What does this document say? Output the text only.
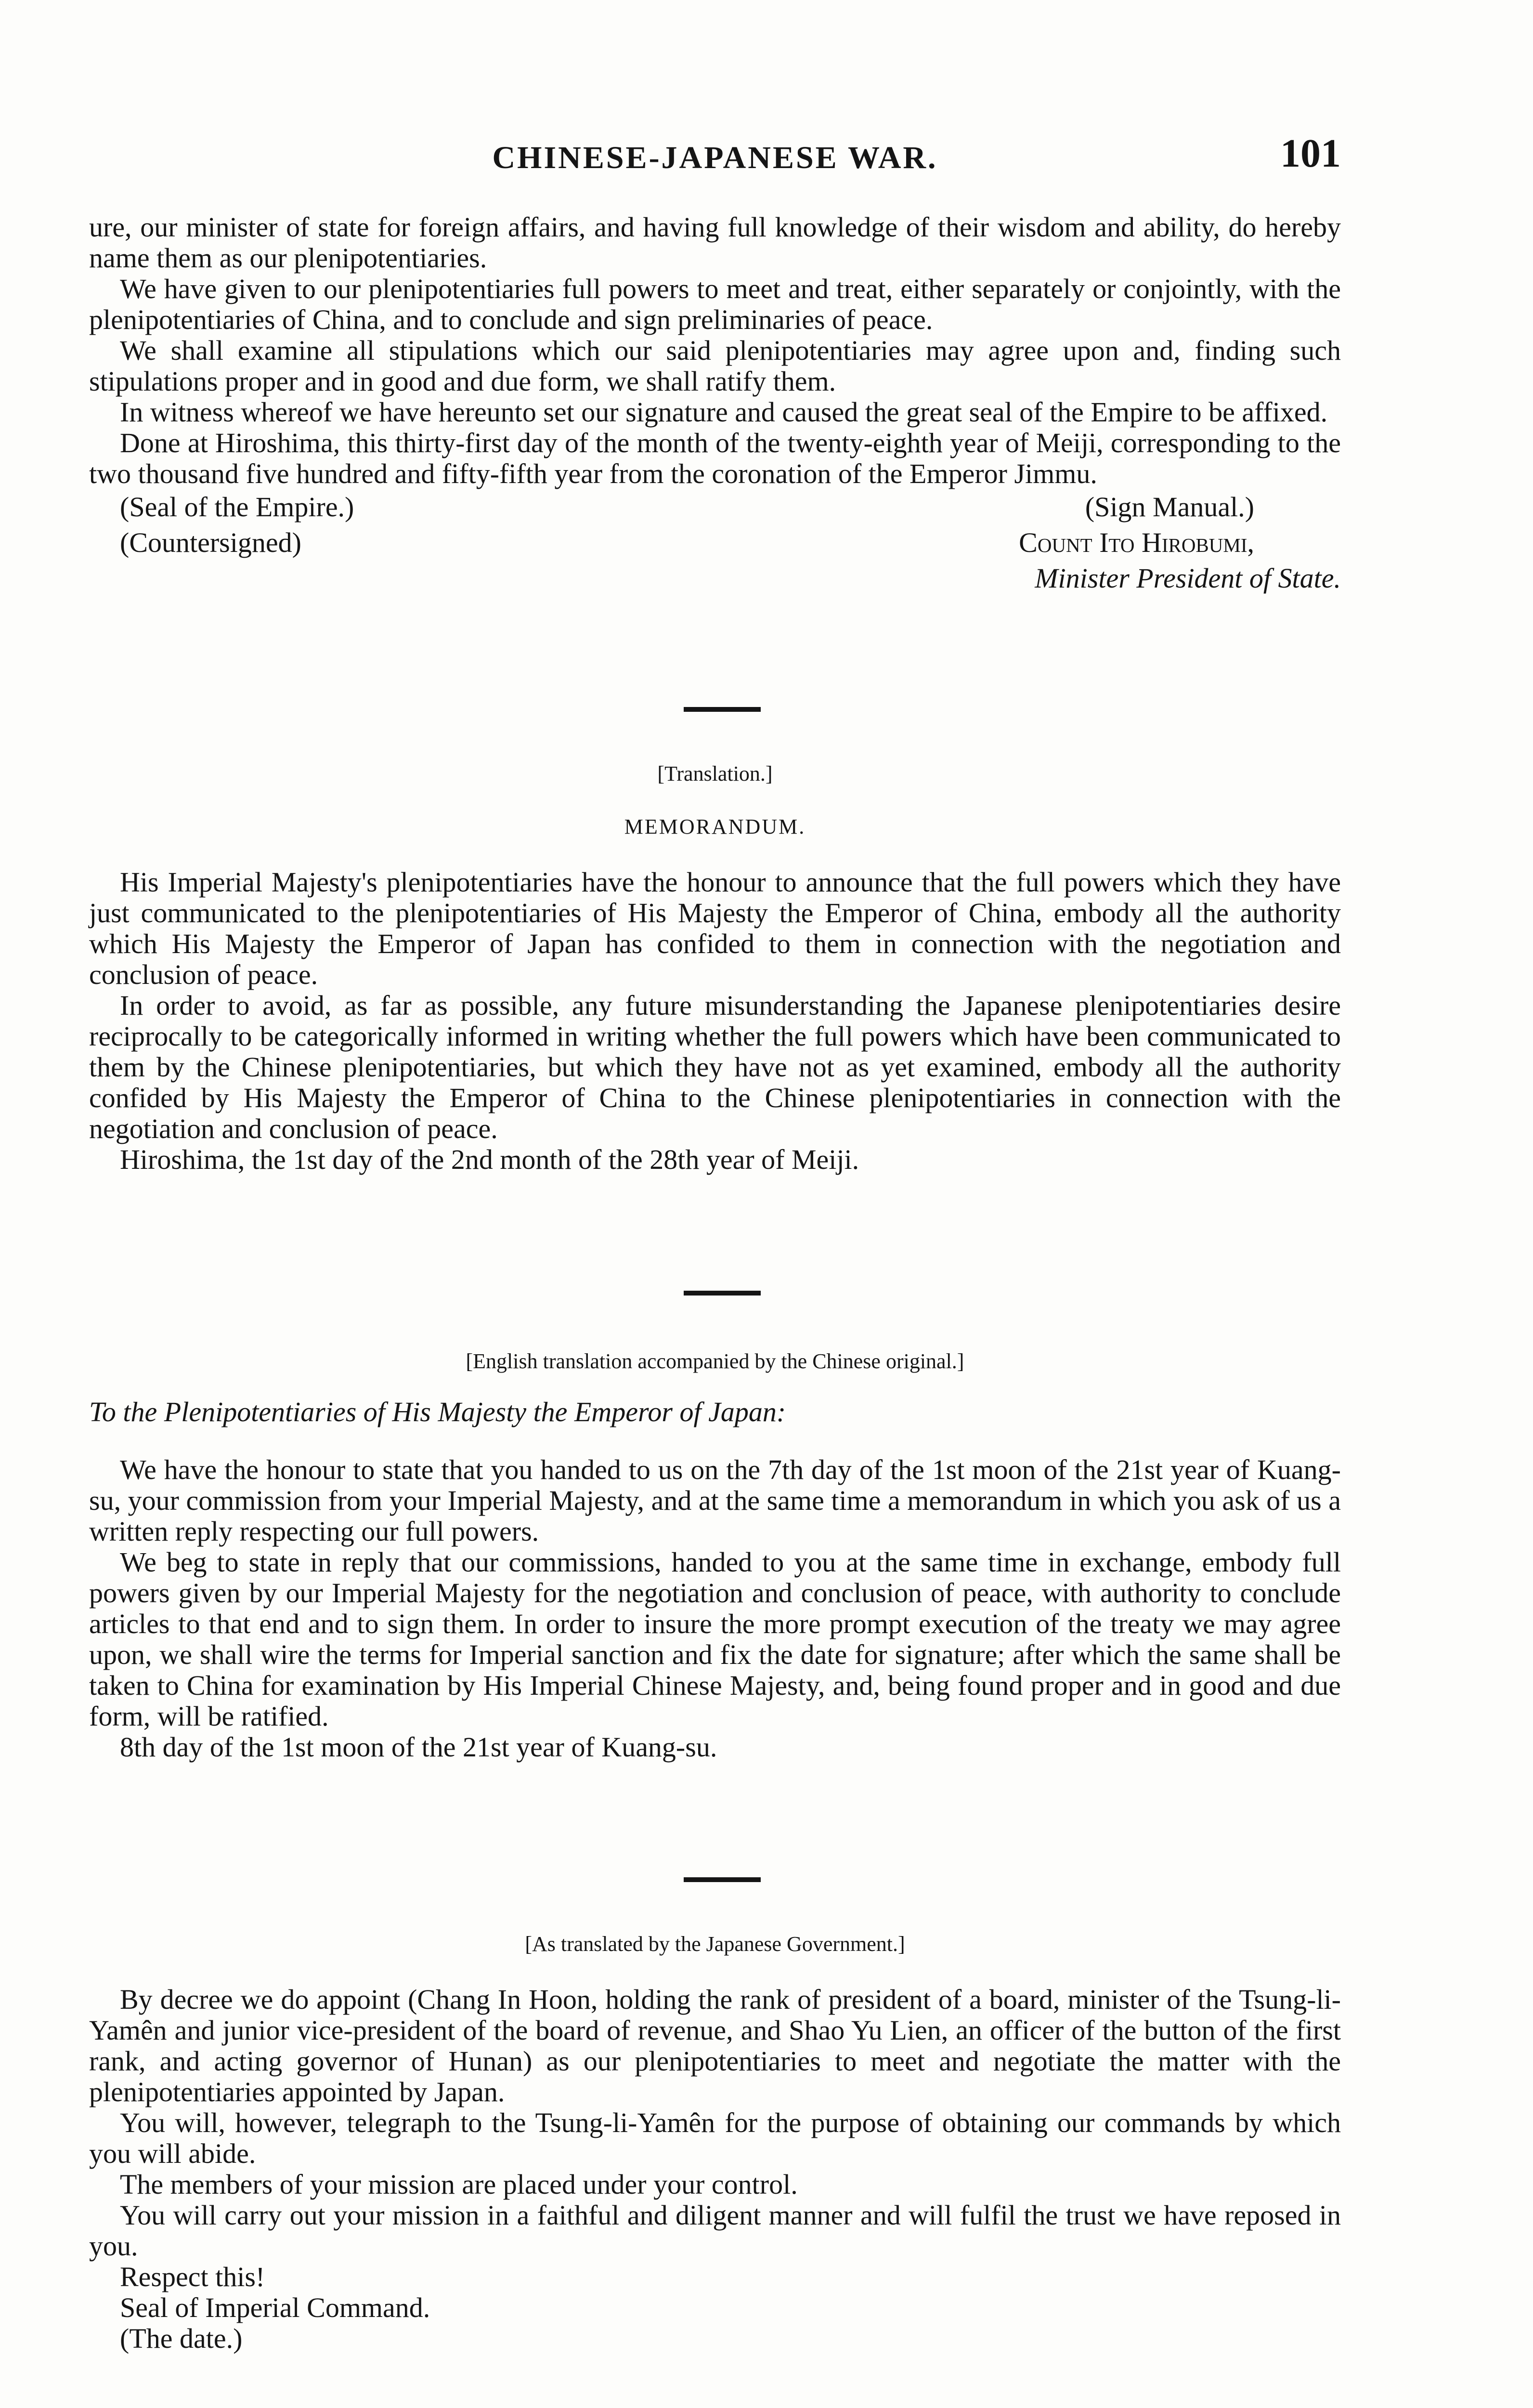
CHINESE-JAPANESE WAR.	101

ure, our minister of state for foreign affairs, and having full knowledge of their wisdom and ability, do hereby name them as our plenipotentiaries.

We have given to our plenipotentiaries full powers to meet and treat, either separately or conjointly, with the plenipotentiaries of China, and to conclude and sign preliminaries of peace.

We shall examine all stipulations which our said plenipotentiaries may agree upon and, finding such stipulations proper and in good and due form, we shall ratify them.

In witness whereof we have hereunto set our signature and caused the great seal of the Empire to be affixed.

Done at Hiroshima, this thirty-first day of the month of the twenty-eighth year of Meiji, corresponding to the two thousand five hundred and fifty-fifth year from the coronation of the Emperor Jimmu.

(Seal of the Empire.)	(Sign Manual.)
(Countersigned)	Count Ito Hirobumi,
Minister President of State.
[Translation.]
MEMORANDUM.

His Imperial Majesty's plenipotentiaries have the honour to announce that the full powers which they have just communicated to the plenipotentiaries of His Majesty the Emperor of China, embody all the authority which His Majesty the Emperor of Japan has confided to them in connection with the negotiation and conclusion of peace.

In order to avoid, as far as possible, any future misunderstanding the Japanese plenipotentiaries desire reciprocally to be categorically informed in writing whether the full powers which have been communicated to them by the Chinese plenipotentiaries, but which they have not as yet examined, embody all the authority confided by His Majesty the Emperor of China to the Chinese plenipotentiaries in connection with the negotiation and conclusion of peace.

Hiroshima, the 1st day of the 2nd month of the 28th year of Meiji.

[English translation accompanied by the Chinese original.]
To the Plenipotentiaries of His Majesty the Emperor of Japan:

We have the honour to state that you handed to us on the 7th day of the 1st moon of the 21st year of Kuang-su, your commission from your Imperial Majesty, and at the same time a memorandum in which you ask of us a written reply respecting our full powers.

We beg to state in reply that our commissions, handed to you at the same time in exchange, embody full powers given by our Imperial Majesty for the negotiation and conclusion of peace, with authority to conclude articles to that end and to sign them. In order to insure the more prompt execution of the treaty we may agree upon, we shall wire the terms for Imperial sanction and fix the date for signature; after which the same shall be taken to China for examination by His Imperial Chinese Majesty, and, being found proper and in good and due form, will be ratified.

8th day of the 1st moon of the 21st year of Kuang-su.

[As translated by the Japanese Government.]

By decree we do appoint (Chang In Hoon, holding the rank of president of a board, minister of the Tsung-li-Yamên and junior vice-president of the board of revenue, and Shao Yu Lien, an officer of the button of the first rank, and acting governor of Hunan) as our plenipotentiaries to meet and negotiate the matter with the plenipotentiaries appointed by Japan.

You will, however, telegraph to the Tsung-li-Yamên for the purpose of obtaining our commands by which you will abide.

The members of your mission are placed under your control.

You will carry out your mission in a faithful and diligent manner and will fulfil the trust we have reposed in you.

Respect this!

Seal of Imperial Command.

(The date.)
